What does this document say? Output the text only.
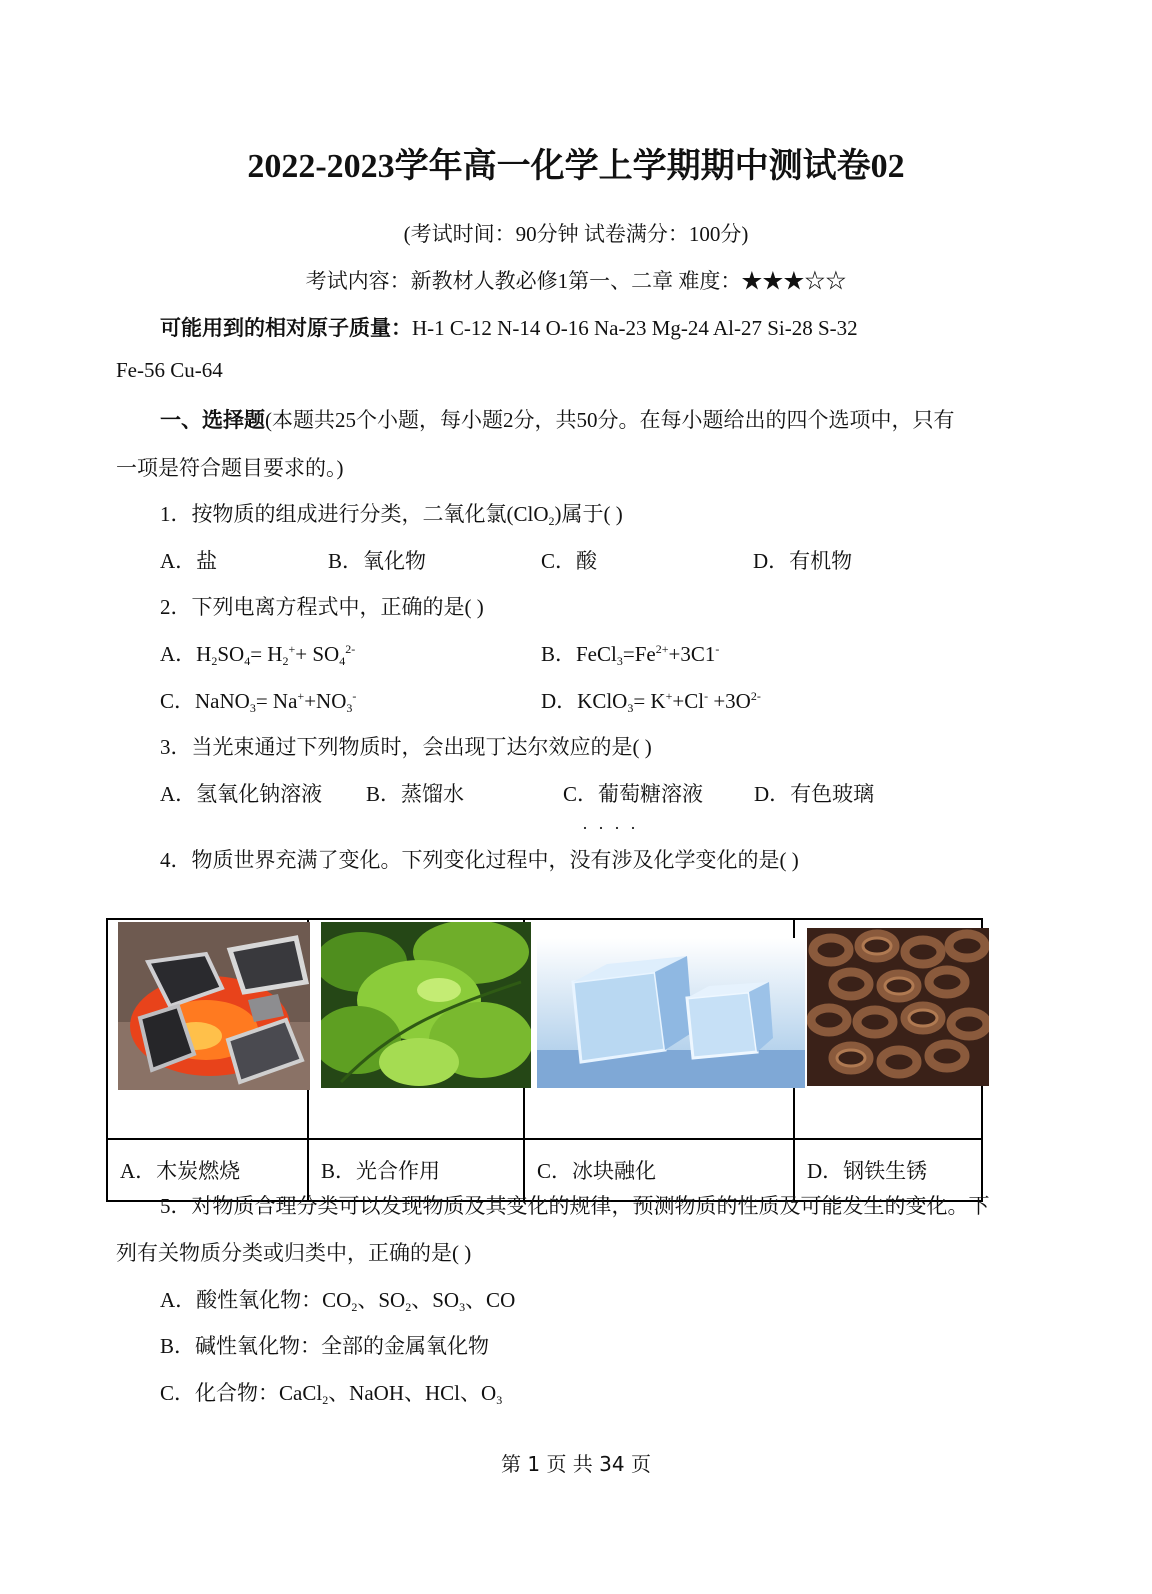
2022-2023学年高一化学上学期期中测试卷02
(考试时间：90分钟 试卷满分：100分)
考试内容：新教材人教必修1第一、二章 难度：★★★☆☆
可能用到的相对原子质量：H-1 C-12 N-14 O-16 Na-23 Mg-24 Al-27 Si-28 S-32
Fe-56 Cu-64
一、选择题(本题共25个小题，每小题2分，共50分。在每小题给出的四个选项中，只有
一项是符合题目要求的。)
1．按物质的组成进行分类，二氧化氯(ClO$_2$)属于( )
A．盐	B．氧化物	C．酸	D．有机物
2．下列电离方程式中，正确的是( )
A．$H_2SO_4= H_2^++ SO_4^{2-}$	B．$FeCl_3=Fe^{2+}+3C1^-$
C．NaNO$_3$= $Na^++NO_3^-$	D．KClO$_3$= $K^++Cl^- +3O^{2-}$
3．当光束通过下列物质时，会出现丁达尔效应的是( )
A．氢氧化钠溶液 B．蒸馏水	C．葡萄糖溶液 D．有色玻璃
····
4．物质世界充满了变化。下列变化过程中，没有涉及化学变化的是( )

A．木炭燃烧	B．光合作用	C．冰块融化	D．钢铁生锈
5．对物质合理分类可以发现物质及其变化的规律，预测物质的性质及可能发生的变化。下
列有关物质分类或归类中，正确的是( )
A．酸性氧化物：$CO_2$、$SO_2$、$SO_3$、CO
B．碱性氧化物：全部的金属氧化物
C．化合物：CaCl$_2$、NaOH、HCl、$O_3$
第 1 页 共 34 页
